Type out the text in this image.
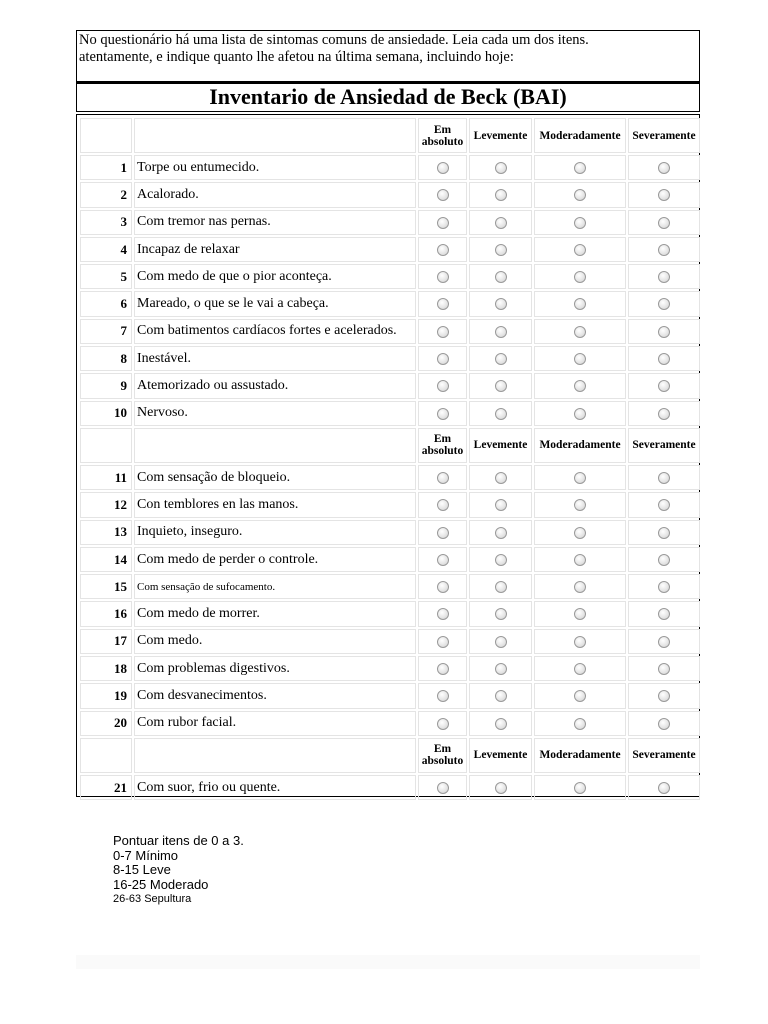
No questionário há uma lista de sintomas comuns de ansiedade. Leia cada um dos itens.
atentamente, e indique quanto lhe afetou na última semana, incluindo hoje:
Inventario de Ansiedad de Beck (BAI)
		Em
absoluto	Levemente	Moderadamente	Severamente
1	Torpe ou entumecido.				
2	Acalorado.				
3	Com tremor nas pernas.				
4	Incapaz de relaxar				
5	Com medo de que o pior aconteça.				
6	Mareado, o que se le vai a cabeça.				
7	Com batimentos cardíacos fortes e acelerados.				
8	Inestável.				
9	Atemorizado ou assustado.				
10	Nervoso.				
		Em
absoluto	Levemente	Moderadamente	Severamente
11	Com sensação de bloqueio.				
12	Con temblores en las manos.				
13	Inquieto, inseguro.				
14	Com medo de perder o controle.				
15	Com sensação de sufocamento.				
16	Com medo de morrer.				
17	Com medo.				
18	Com problemas digestivos.				
19	Com desvanecimentos.				
20	Com rubor facial.				
		Em
absoluto	Levemente	Moderadamente	Severamente
21	Com suor, frio ou quente.				
Pontuar itens de 0 a 3.
0-7 Mínimo
8-15 Leve
16-25 Moderado
26-63 Sepultura
